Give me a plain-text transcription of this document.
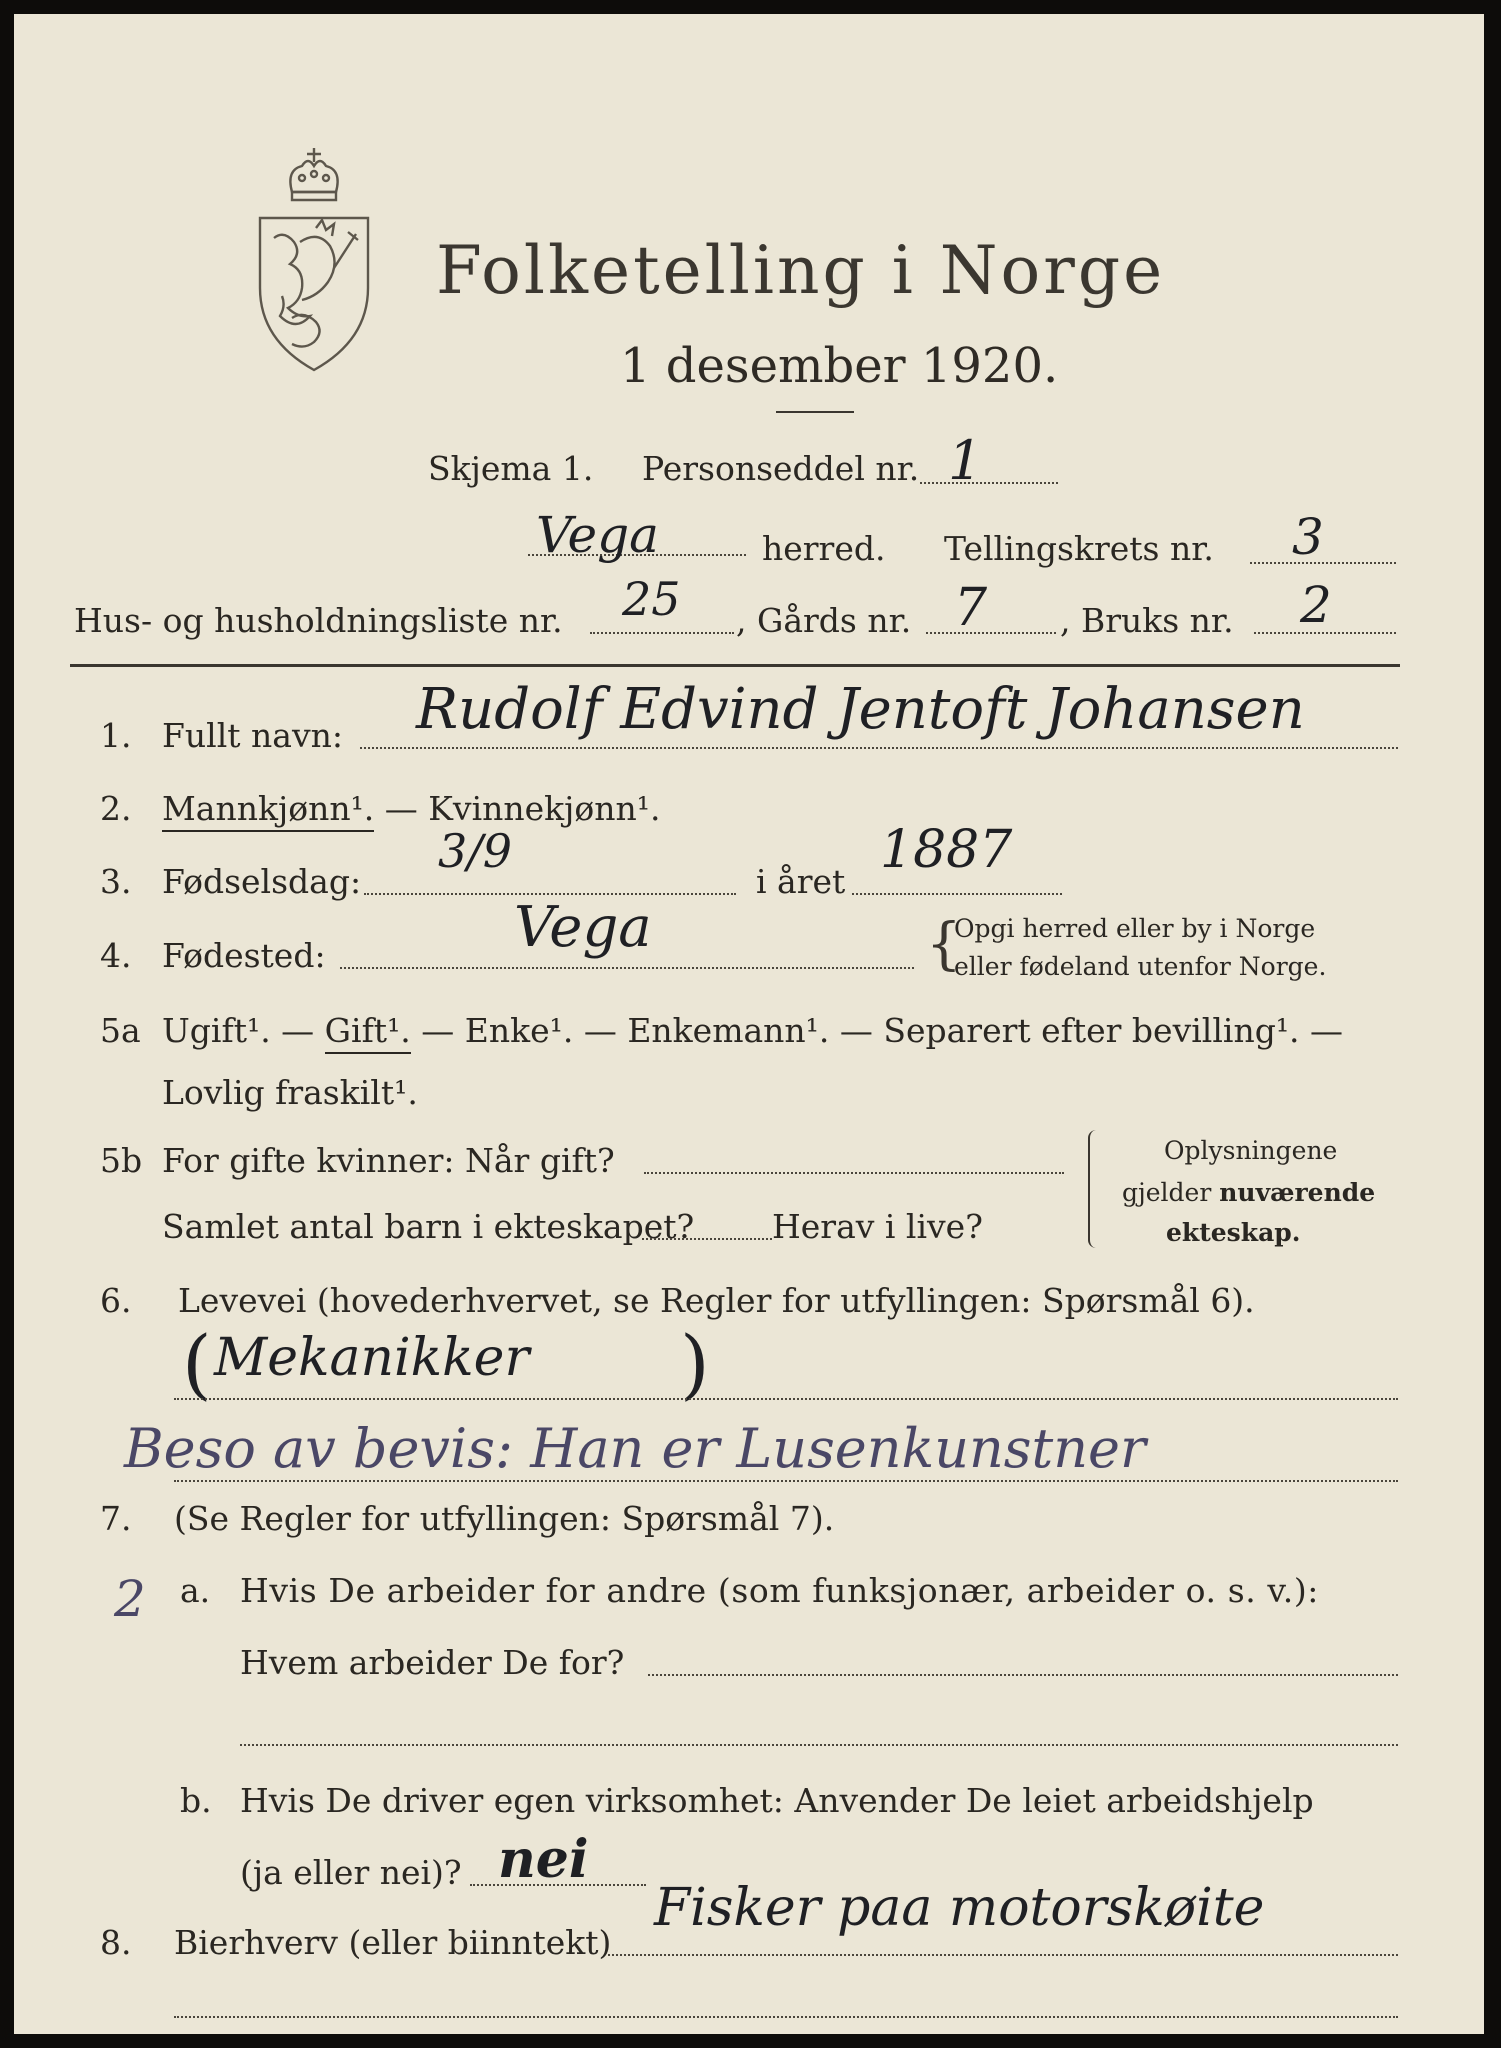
Folketelling i Norge
1 desember 1920.
Skjema 1. Personseddel nr. 1
Vega	herred. Tellingskrets nr. 3
Hus- og husholdningsliste nr. 25 , Gårds nr. 7 , Bruks nr. 2
1. Fullt navn: Rudolf Edvind Jentoft Johansen
2. Mannkjønn¹. — Kvinnekjønn¹.
3. Fødselsdag:
3/9
i året
1887
4. Fødested:	Vega	{
Opgi herred eller by i Norge
eller fødeland utenfor Norge.
5a Ugift¹. — Gift¹. — Enke¹. — Enkemann¹. — Separert efter bevilling¹. —
Lovlig fraskilt¹.
5b For gifte kvinner: Når gift?
Samlet antal barn i ekteskapet? Herav i live?
Oplysningene
gjelder nuværende
ekteskap.
6. Levevei (hovederhvervet, se Regler for utfyllingen: Spørsmål 6).
Mekanikker
(	)
Beso av bevis: Han er Lusenkunstner
7. (Se Regler for utfyllingen: Spørsmål 7).
2 a. Hvis De arbeider for andre (som funksjonær, arbeider o. s. v.):
Hvem arbeider De for?
b. Hvis De driver egen virksomhet: Anvender De leiet arbeidshjelp
(ja eller nei)? nei
8. Bierhverv (eller biinntekt)
Fisker paa motorskøite
